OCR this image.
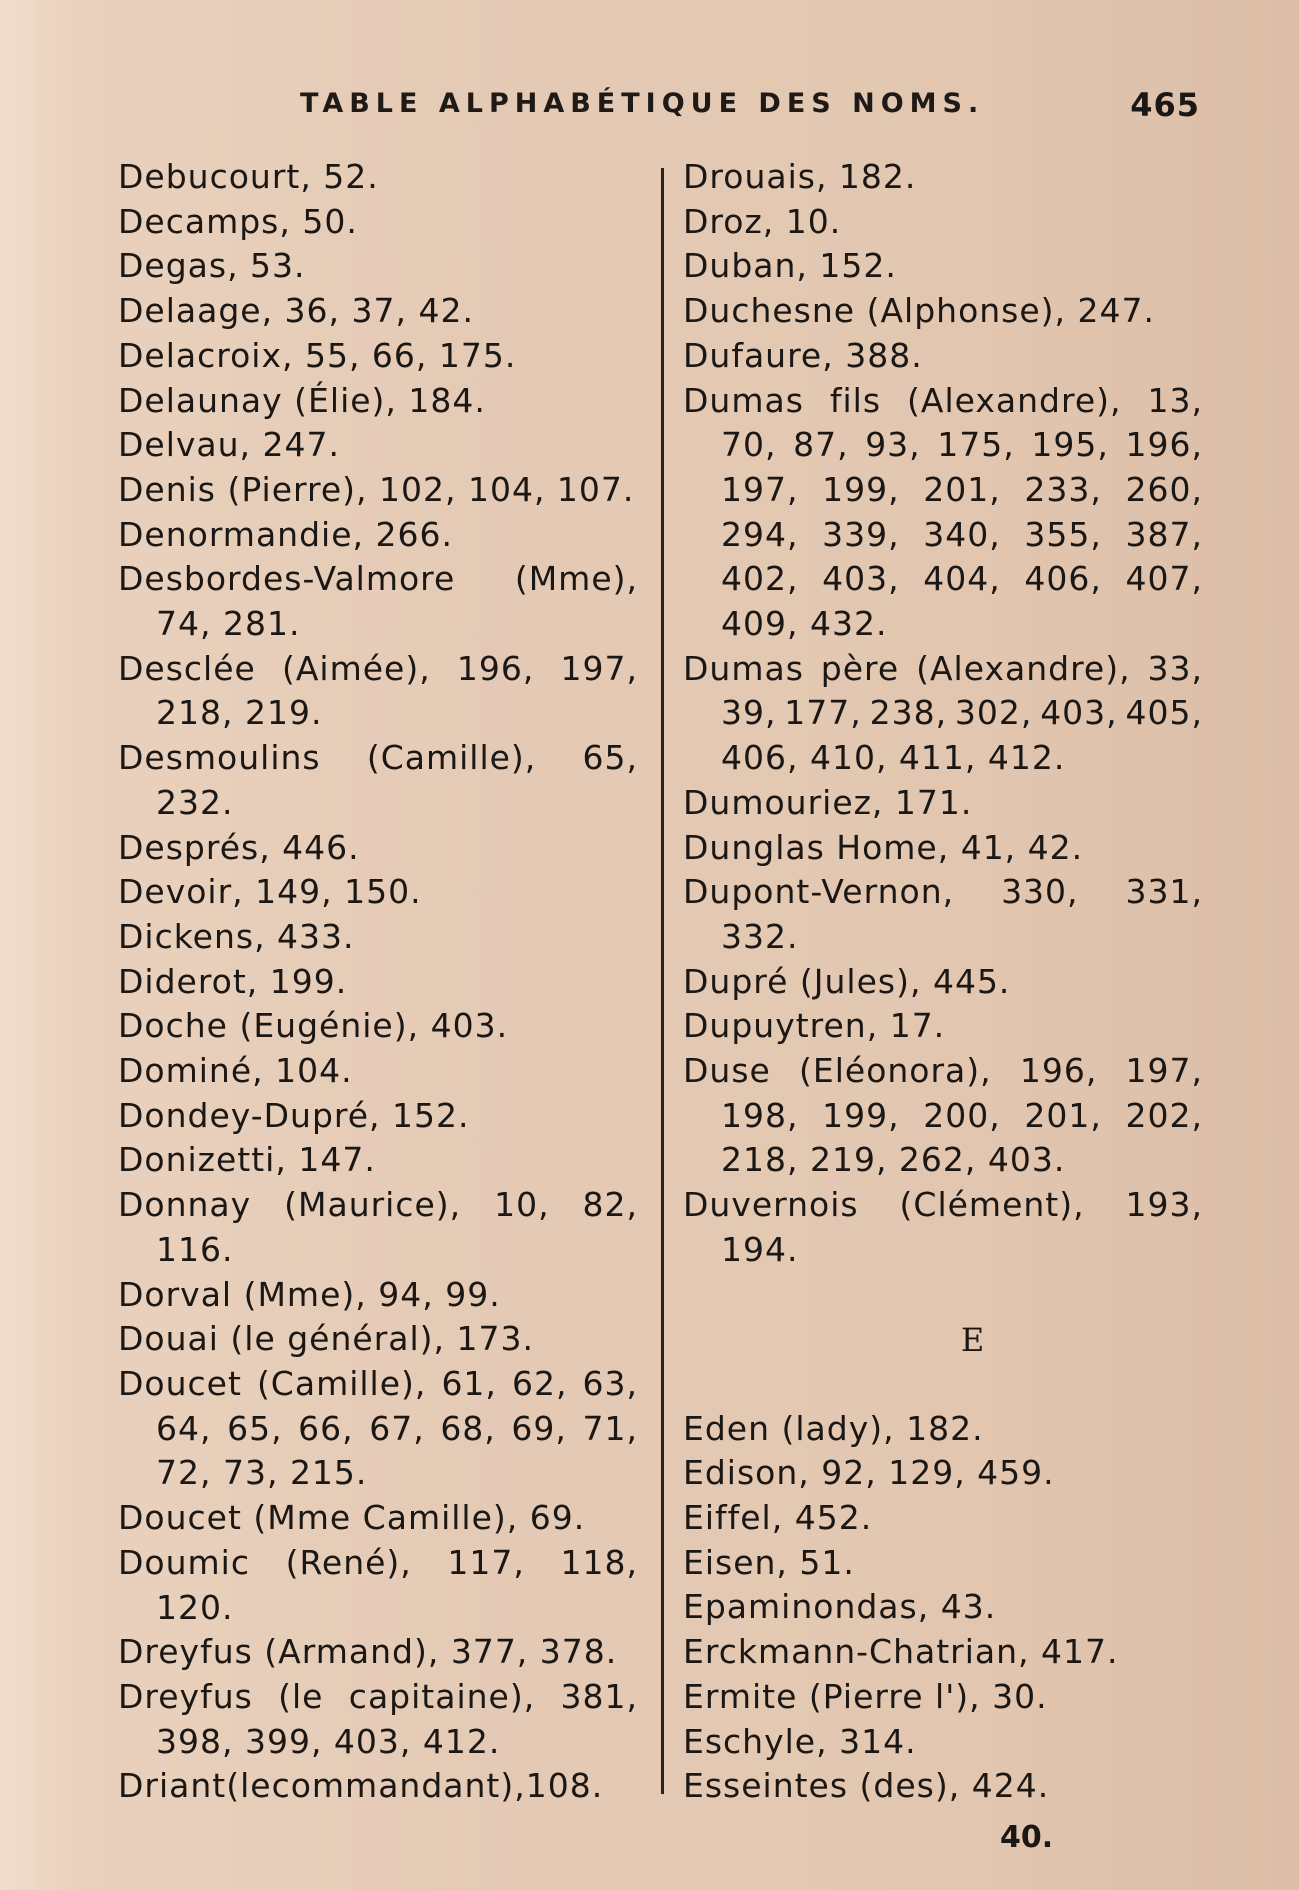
TABLE ALPHABÉTIQUE DES NOMS.	465
Debucourt, 52.
Decamps, 50.
Degas, 53.
Delaage, 36, 37, 42.
Delacroix, 55, 66, 175.
Delaunay (Élie), 184.
Delvau, 247.
Denis (Pierre), 102, 104, 107.
Denormandie, 266.
Desbordes-Valmore (Mme),
74, 281.
Desclée (Aimée), 196, 197,
218, 219.
Desmoulins (Camille), 65,
232.
Després, 446.
Devoir, 149, 150.
Dickens, 433.
Diderot, 199.
Doche (Eugénie), 403.
Dominé, 104.
Dondey-Dupré, 152.
Donizetti, 147.
Donnay (Maurice), 10, 82,
116.
Dorval (Mme), 94, 99.
Douai (le général), 173.
Doucet (Camille), 61, 62, 63,
64, 65, 66, 67, 68, 69, 71,
72, 73, 215.
Doucet (Mme Camille), 69.
Doumic (René), 117, 118,
120.
Dreyfus (Armand), 377, 378.
Dreyfus (le capitaine), 381,
398, 399, 403, 412.
Driant(lecommandant),108.
Drouais, 182.
Droz, 10.
Duban, 152.
Duchesne (Alphonse), 247.
Dufaure, 388.
Dumas fils (Alexandre), 13,
70, 87, 93, 175, 195, 196,
197, 199, 201, 233, 260,
294, 339, 340, 355, 387,
402, 403, 404, 406, 407,
409, 432.
Dumas père (Alexandre), 33,
39, 177, 238, 302, 403, 405,
406, 410, 411, 412.
Dumouriez, 171.
Dunglas Home, 41, 42.
Dupont-Vernon, 330, 331,
332.
Dupré (Jules), 445.
Dupuytren, 17.
Duse (Eléonora), 196, 197,
198, 199, 200, 201, 202,
218, 219, 262, 403.
Duvernois (Clément), 193,
194.
E
Eden (lady), 182.
Edison, 92, 129, 459.
Eiffel, 452.
Eisen, 51.
Epaminondas, 43.
Erckmann-Chatrian, 417.
Ermite (Pierre l'), 30.
Eschyle, 314.
Esseintes (des), 424.
40.
